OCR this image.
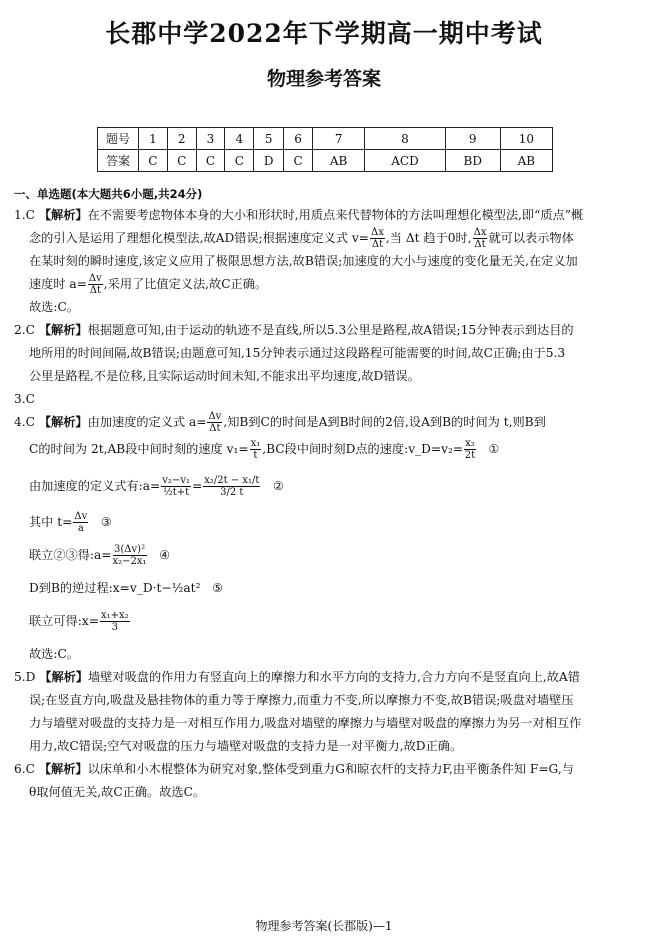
长郡中学2022年下学期高一期中考试
物理参考答案
题号	1	2	3	4	5	6	7	8	9	10
答案	C	C	C	C	D	C	AB	ACD	BD	AB
一、单选题(本大题共6小题,共24分)

1.C 【解析】在不需要考虑物体本身的大小和形状时,用质点来代替物体的方法叫理想化模型法,即“质点”概

念的引入是运用了理想化模型法,故AD错误;根据速度定义式 $v= \frac{\Delta x}{\Delta t}$ ,当 Δt 趋于0时, $\frac{\Delta x}{\Delta t}$ 就可以表示物体

在某时刻的瞬时速度,该定义应用了极限思想方法,故B错误;加速度的大小与速度的变化量无关,在定义加

速度时 $a= \frac{\Delta v}{\Delta t}$ ,采用了比值定义法,故C正确。

故选:C。

2.C 【解析】根据题意可知,由于运动的轨迹不是直线,所以5.3公里是路程,故A错误;15分钟表示到达目的

地所用的时间间隔,故B错误;由题意可知,15分钟表示通过这段路程可能需要的时间,故C正确;由于5.3

公里是路程,不是位移,且实际运动时间未知,不能求出平均速度,故D错误。

3.C

4.C 【解析】由加速度的定义式 $a= \frac{\Delta v}{\Delta t}$ ,知B到C的时间是A到B时间的2倍,设A到B的时间为 t,则B到

C的时间为 2t,AB段中间时刻的速度 $v_1= \frac{\text{x₁}}{t} ,BC$段中间时刻D点的速度:v_D=v₂= $\frac{\text{x₂}}{2t}$ ①

由加速度的定义式有:a= $\frac{\text{v₂−v₁}}{\text{½t+t}} = \frac{\text{x₂/2t − x₁/t}}{3/2 t}$ ②

其中 $t= \frac{\Delta v}{a}$ ③

联立②③得:a= $\frac{\text{3(Δv)²}}{\text{x₂−2x₁}}$ ④

D到B的逆过程:x=v_D·t−½at² ⑤

联立可得:x= $\frac{\text{x₁+x₂}}{3}$

故选:C。

5.D 【解析】墙壁对吸盘的作用力有竖直向上的摩擦力和水平方向的支持力,合力方向不是竖直向上,故A错

误;在竖直方向,吸盘及悬挂物体的重力等于摩擦力,而重力不变,所以摩擦力不变,故B错误;吸盘对墙壁压

力与墙壁对吸盘的支持力是一对相互作用力,吸盘对墙壁的摩擦力与墙壁对吸盘的摩擦力为另一对相互作

用力,故C错误;空气对吸盘的压力与墙壁对吸盘的支持力是一对平衡力,故D正确。

6.C 【解析】以床单和小木棍整体为研究对象,整体受到重力G和晾衣杆的支持力F,由平衡条件知 F=G,与

θ取何值无关,故C正确。故选C。

物理参考答案(长郡版)—1
